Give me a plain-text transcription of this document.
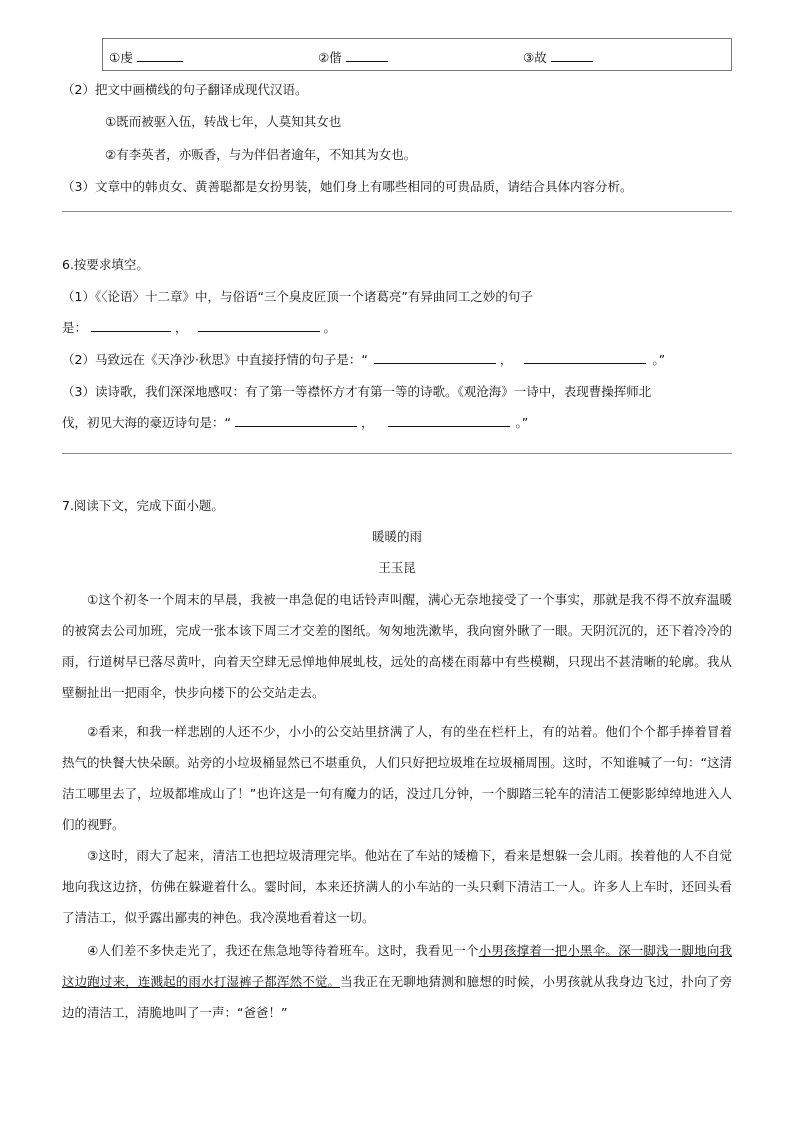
①虔	②偕	③故
（2）把文中画横线的句子翻译成现代汉语。
①既而被驱入伍，转战七年，人莫知其女也
②有李英者，亦贩香，与为伴侣者逾年，不知其为女也。
（3）文章中的韩贞女、黄善聪都是女扮男装，她们身上有哪些相同的可贵品质，请结合具体内容分析。
6.按要求填空。
（1）《〈论语〉十二章》中，与俗语“三个臭皮匠顶一个诸葛亮”有异曲同工之妙的句子
是：	，	。
（2）马致远在《天净沙·秋思》中直接抒情的句子是：“	，	。”
（3）读诗歌，我们深深地感叹：有了第一等襟怀方才有第一等的诗歌。《观沧海》一诗中，表现曹操挥师北
伐，初见大海的豪迈诗句是：“	，	。”
7.阅读下文，完成下面小题。
暖暖的雨
王玉昆
①这个初冬一个周末的早晨，我被一串急促的电话铃声叫醒，满心无奈地接受了一个事实，那就是我不得不放弃温暖的被窝去公司加班，完成一张本该下周三才交差的图纸。匆匆地洗漱毕，我向窗外瞅了一眼。天阴沉沉的，还下着冷冷的雨，行道树早已落尽黄叶，向着天空肆无忌惮地伸展虬枝，远处的高楼在雨幕中有些模糊，只现出不甚清晰的轮廓。我从壁橱扯出一把雨伞，快步向楼下的公交站走去。
②看来，和我一样悲剧的人还不少，小小的公交站里挤满了人，有的坐在栏杆上，有的站着。他们个个都手捧着冒着热气的快餐大快朵颐。站旁的小垃圾桶显然已不堪重负，人们只好把垃圾堆在垃圾桶周围。这时，不知谁喊了一句：“这清洁工哪里去了，垃圾都堆成山了！”也许这是一句有魔力的话，没过几分钟，一个脚踏三轮车的清洁工便影影绰绰地进入人们的视野。
③这时，雨大了起来，清洁工也把垃圾清理完毕。他站在了车站的矮檐下，看来是想躲一会儿雨。挨着他的人不自觉地向我这边挤，仿佛在躲避着什么。霎时间，本来还挤满人的小车站的一头只剩下清洁工一人。许多人上车时，还回头看了清洁工，似乎露出鄙夷的神色。我冷漠地看着这一切。
④人们差不多快走光了，我还在焦急地等待着班车。这时，我看见一个小男孩撑着一把小黑伞。深一脚浅一脚地向我这边跑过来，连溅起的雨水打湿裤子都浑然不觉。当我正在无聊地猜测和臆想的时候，小男孩就从我身边飞过，扑向了旁边的清洁工，清脆地叫了一声：“爸爸！”
